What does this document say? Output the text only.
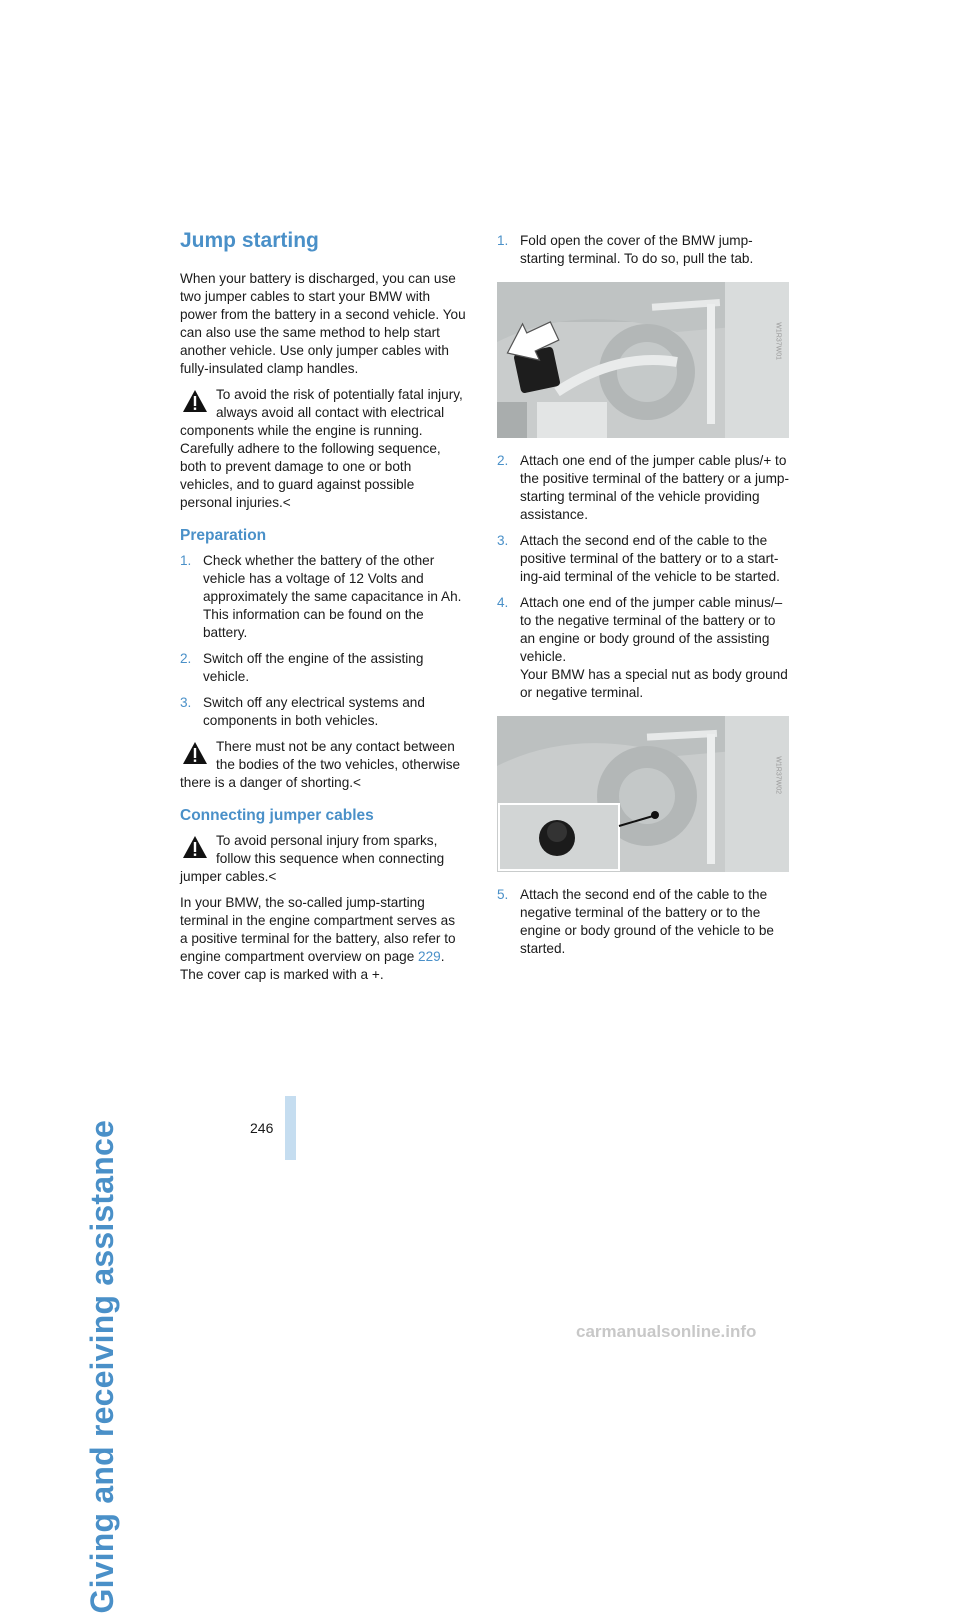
Giving and receiving assistance	246
Jump starting

When your battery is discharged, you can use two jumper cables to start your BMW with power from the battery in a second vehicle. You can also use the same method to help start another vehicle. Use only jumper cables with fully-insulated clamp handles.

To avoid the risk of potentially fatal injury, always avoid all contact with electrical components while the engine is running. Carefully adhere to the following sequence, both to prevent damage to one or both vehicles, and to guard against possible personal injuries.<
Preparation
1. Check whether the battery of the other vehicle has a voltage of 12 Volts and approximately the same capacitance in Ah. This information can be found on the battery.
2. Switch off the engine of the assisting vehicle.
3. Switch off any electrical systems and components in both vehicles.
There must not be any contact between the bodies of the two vehicles, otherwise there is a danger of shorting.<
Connecting jumper cables
To avoid personal injury from sparks, follow this sequence when connecting jumper cables.<

In your BMW, the so-called jump-starting terminal in the engine compartment serves as a positive terminal for the battery, also refer to engine compartment overview on page 229. The cover cap is marked with a +.

1. Fold open the cover of the BMW jump-starting terminal. To do so, pull the tab.
W1R37W01
2. Attach one end of the jumper cable plus/+ to the positive terminal of the battery or a jump-starting terminal of the vehicle providing assistance.
3. Attach the second end of the cable to the positive terminal of the battery or to a start-ing-aid terminal of the vehicle to be started.
4. Attach one end of the jumper cable minus/– to the negative terminal of the battery or to an engine or body ground of the assisting vehicle.
Your BMW has a special nut as body ground or negative terminal.
W1R37W02
5. Attach the second end of the cable to the negative terminal of the battery or to the engine or body ground of the vehicle to be started.
carmanualsonline.info
